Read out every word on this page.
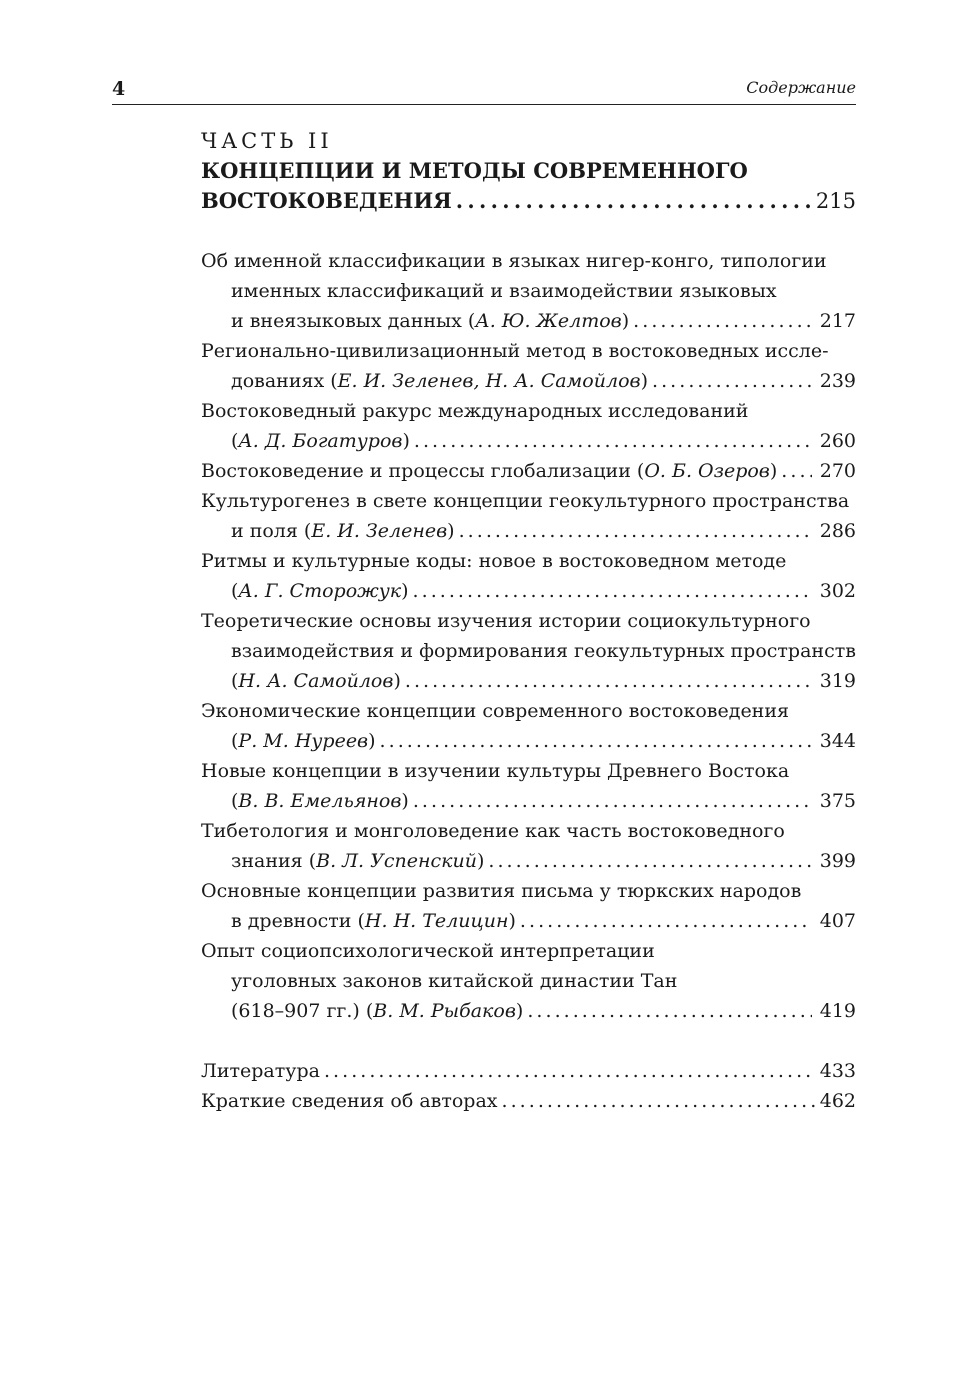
4	Содержание
ЧАСТЬ II
КОНЦЕПЦИИ И МЕТОДЫ СОВРЕМЕННОГО
ВОСТОКОВЕДЕНИЯ . . .	215
Об именной классификации в языках нигер-конго, типологии
именных классификаций и взаимодействии языковых
и внеязыковых данных (А. Ю. Желтов) . . .	217
Регионально-цивилизационный метод в востоковедных иссле-
дованиях (Е. И. Зеленев, Н. А. Самойлов) . . .	239
Востоковедный ракурс международных исследований
(А. Д. Богатуров) . . .	260
Востоковедение и процессы глобализации (О. Б. Озеров) . . . 270
Культурогенез в свете концепции геокультурного пространства
и поля (Е. И. Зеленев) . . .	286
Ритмы и культурные коды: новое в востоковедном методе
(А. Г. Сторожук) . . .	302
Теоретические основы изучения истории социокультурного
взаимодействия и формирования геокультурных пространств
(Н. А. Самойлов) . . .	319
Экономические концепции современного востоковедения
(Р. М. Нуреев) . . .	344
Новые концепции в изучении культуры Древнего Востока
(В. В. Емельянов) . . .	375
Тибетология и монголоведение как часть востоковедного
знания (В. Л. Успенский) . . .	399
Основные концепции развития письма у тюркских народов
в древности (Н. Н. Телицин) . . .	407
Опыт социопсихологической интерпретации
уголовных законов китайской династии Тан
(618–907 гг.) (В. М. Рыбаков) . . .	419
Литература . . .	433
Краткие сведения об авторах . . .	462
